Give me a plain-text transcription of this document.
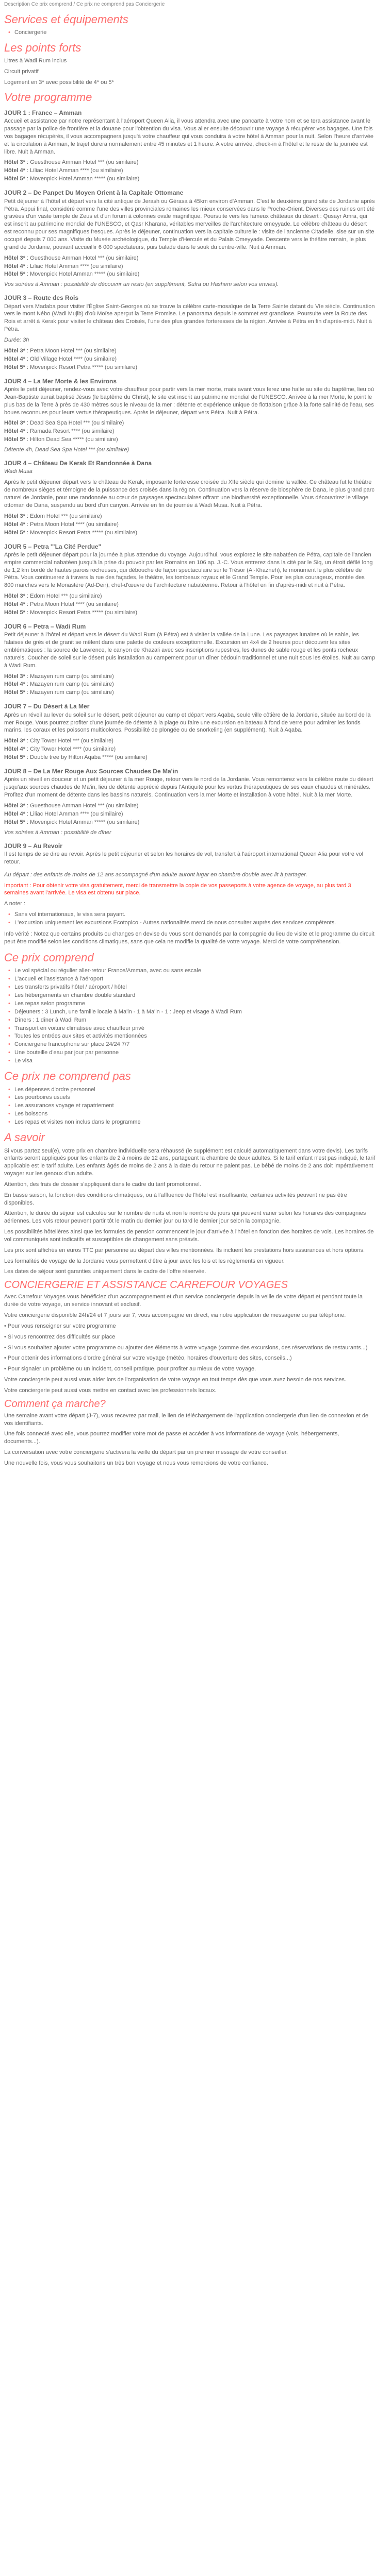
Description Ce prix comprend / Ce prix ne comprend pas Conciergerie
Services et équipements
• Conciergerie
Les points forts

Litres à Wadi Rum inclus

Circuit privatif

Logement en 3* avec possibilité de 4* ou 5*

Votre programme
JOUR 1 : France – Amman

Accueil et assistance par notre représentant à l'aéroport Queen Alia, il vous attendra avec une pancarte à votre nom et se tera assistance avant le passage par la police de frontière et la douane pour l'obtention du visa. Vous aller ensuite découvrir une voyage à récupérer vos bagages. Une fois vos bagages récupérés, il vous accompagnera jusqu'à votre chauffeur qui vous conduira à votre hôtel à Amman pour la nuit. Selon l'heure d'arrivée et la circulation à Amman, le trajet durera normalement entre 45 minutes et 1 heure. A votre arrivée, check-in à l'hôtel et le reste de la journée est libre. Nuit à Amman.

Hôtel 3* : Guesthouse Amman Hotel *** (ou similaire)

Hôtel 4* : Liliac Hotel Amman **** (ou similaire)

Hôtel 5* : Movenpick Hotel Amman ***** (ou similaire)

JOUR 2 – De Panpet Du Moyen Orient à la Capitale Ottomane

Petit déjeuner à l'hôtel et départ vers la cité antique de Jerash ou Gérasa à 45km environ d'Amman. C'est le deuxième grand site de Jordanie après Pétra. Appui final, considéré comme l'une des villes provinciales romaines les mieux conservées dans le Proche-Orient. Diverses des ruines ont été gravées d'un vaste temple de Zeus et d'un forum à colonnes ovale magnifique. Poursuite vers les fameux châteaux du désert : Qusayr Amra, qui est inscrit au patrimoine mondial de l'UNESCO, et Qasr Kharana, véritables merveilles de l'architecture omeyyade. Le célèbre château du désert est reconnu pour ses magnifiques fresques. Après le déjeuner, continuation vers la capitale culturelle : visite de l'ancienne Citadelle, sise sur un site occupé depuis 7 000 ans. Visite du Musée archéologique, du Temple d'Hercule et du Palais Omeyyade. Descente vers le théâtre romain, le plus grand de Jordanie, pouvant accueillir 6 000 spectateurs, puis balade dans le souk du centre-ville. Nuit à Amman.

Hôtel 3* : Guesthouse Amman Hotel *** (ou similaire)

Hôtel 4* : Liliac Hotel Amman **** (ou similaire)

Hôtel 5* : Movenpick Hotel Amman ***** (ou similaire)

Vos soirées à Amman : possibilité de découvrir un resto (en supplément, Sufra ou Hashem selon vos envies).

JOUR 3 – Route des Rois

Départ vers Madaba pour visiter l'Église Saint-Georges où se trouve la célèbre carte-mosaïque de la Terre Sainte datant du VIe siècle. Continuation vers le mont Nébo (Wadi Mujib) d'où Moïse aperçut la Terre Promise. Le panorama depuis le sommet est grandiose. Poursuite vers la Route des Rois et arrêt à Kerak pour visiter le château des Croisés, l'une des plus grandes forteresses de la région. Arrivée à Pétra en fin d'après-midi. Nuit à Pétra.

Durée: 3h

Hôtel 3* : Petra Moon Hotel *** (ou similaire)

Hôtel 4* : Old Village Hotel **** (ou similaire)

Hôtel 5* : Movenpick Resort Petra ***** (ou similaire)

JOUR 4 – La Mer Morte & les Environs

Après le petit déjeuner, rendez-vous avec votre chauffeur pour partir vers la mer morte, mais avant vous ferez une halte au site du baptême, lieu où Jean-Baptiste aurait baptisé Jésus (le baptême du Christ), le site est inscrit au patrimoine mondial de l'UNESCO. Arrivée à la mer Morte, le point le plus bas de la Terre à près de 430 mètres sous le niveau de la mer : détente et expérience unique de flottaison grâce à la forte salinité de l'eau, ses boues reconnues pour leurs vertus thérapeutiques. Après le déjeuner, départ vers Pétra. Nuit à Pétra.

Hôtel 3* : Dead Sea Spa Hotel *** (ou similaire)

Hôtel 4* : Ramada Resort **** (ou similaire)

Hôtel 5* : Hilton Dead Sea ***** (ou similaire)

Détente 4h, Dead Sea Spa Hotel *** (ou similaire)

JOUR 4 – Château De Kerak Et Randonnée à Dana

Wadi Musa

Après le petit déjeuner départ vers le château de Kerak, imposante forteresse croisée du XIIe siècle qui domine la vallée. Ce château fut le théâtre de nombreux sièges et témoigne de la puissance des croisés dans la région. Continuation vers la réserve de biosphère de Dana, le plus grand parc naturel de Jordanie, pour une randonnée au cœur de paysages spectaculaires offrant une biodiversité exceptionnelle. Vous découvrirez le village ottoman de Dana, suspendu au bord d'un canyon. Arrivée en fin de journée à Wadi Musa. Nuit à Pétra.

Hôtel 3* : Edom Hotel *** (ou similaire)

Hôtel 4* : Petra Moon Hotel **** (ou similaire)

Hôtel 5* : Movenpick Resort Petra ***** (ou similaire)

JOUR 5 – Petra '"La Cité Perdue"

Après le petit déjeuner départ pour la journée à plus attendue du voyage. Aujourd'hui, vous explorez le site nabatéen de Pétra, capitale de l'ancien empire commercial nabatéen jusqu'à la prise du pouvoir par les Romains en 106 ap. J.-C. Vous entrerez dans la cité par le Siq, un étroit défilé long de 1,2 km bordé de hautes parois rocheuses, qui débouche de façon spectaculaire sur le Trésor (Al-Khazneh), le monument le plus célèbre de Pétra. Vous continuerez à travers la rue des façades, le théâtre, les tombeaux royaux et le Grand Temple. Pour les plus courageux, montée des 800 marches vers le Monastère (Ad-Deir), chef-d'œuvre de l'architecture nabatéenne. Retour à l'hôtel en fin d'après-midi et nuit à Pétra.

Hôtel 3* : Edom Hotel *** (ou similaire)

Hôtel 4* : Petra Moon Hotel **** (ou similaire)

Hôtel 5* : Movenpick Resort Petra ***** (ou similaire)

JOUR 6 – Petra – Wadi Rum

Petit déjeuner à l'hôtel et départ vers le désert du Wadi Rum (à Pétra) est à visiter la vallée de la Lune. Les paysages lunaires où le sable, les falaises de grès et de granit se mêlent dans une palette de couleurs exceptionnelle. Excursion en 4x4 de 2 heures pour découvrir les sites emblématiques : la source de Lawrence, le canyon de Khazali avec ses inscriptions rupestres, les dunes de sable rouge et les ponts rocheux naturels. Coucher de soleil sur le désert puis installation au campement pour un dîner bédouin traditionnel et une nuit sous les étoiles. Nuit au camp à Wadi Rum.

Hôtel 3* : Mazayen rum camp (ou similaire)

Hôtel 4* : Mazayen rum camp (ou similaire)

Hôtel 5* : Mazayen rum camp (ou similaire)

JOUR 7 – Du Désert à La Mer

Après un réveil au lever du soleil sur le désert, petit déjeuner au camp et départ vers Aqaba, seule ville côtière de la Jordanie, située au bord de la mer Rouge. Vous pourrez profiter d'une journée de détente à la plage ou faire une excursion en bateau à fond de verre pour admirer les fonds marins, les coraux et les poissons multicolores. Possibilité de plongée ou de snorkeling (en supplément). Nuit à Aqaba.

Hôtel 3* : City Tower Hotel *** (ou similaire)

Hôtel 4* : City Tower Hotel **** (ou similaire)

Hôtel 5* : Double tree by Hilton Aqaba ***** (ou similaire)

JOUR 8 – De La Mer Rouge Aux Sources Chaudes De Ma'in

Après un réveil en douceur et un petit déjeuner à la mer Rouge, retour vers le nord de la Jordanie. Vous remonterez vers la célèbre route du désert jusqu'aux sources chaudes de Ma'in, lieu de détente apprécié depuis l'Antiquité pour les vertus thérapeutiques de ses eaux chaudes et minérales. Profitez d'un moment de détente dans les bassins naturels. Continuation vers la mer Morte et installation à votre hôtel. Nuit à la mer Morte.

Hôtel 3* : Guesthouse Amman Hotel *** (ou similaire)

Hôtel 4* : Liliac Hotel Amman **** (ou similaire)

Hôtel 5* : Movenpick Hotel Amman ***** (ou similaire)

Vos soirées à Amman : possibilité de dîner

JOUR 9 – Au Revoir

Il est temps de se dire au revoir. Après le petit déjeuner et selon les horaires de vol, transfert à l'aéroport international Queen Alia pour votre vol retour.

Au départ : des enfants de moins de 12 ans accompagné d'un adulte auront lugar en chambre double avec lit à partager.

Important : Pour obtenir votre visa gratuitement, merci de transmettre la copie de vos passeports à votre agence de voyage, au plus tard 3 semaines avant l'arrivée. Le visa est obtenu sur place.

A noter :

• Sans vol internationaux, le visa sera payant.
• L'excursion uniquement les excursions Ecotopico - Autres nationalités merci de nous consulter auprès des services compétents.

Info vérité : Notez que certains produits ou changes en devise du vous sont demandés par la compagnie du lieu de visite et le programme du circuit peut être modifié selon les conditions climatiques, sans que cela ne modifie la qualité de votre voyage. Merci de votre compréhension.

Ce prix comprend
• Le vol spécial ou régulier aller-retour France/Amman, avec ou sans escale
• L'accueil et l'assistance à l'aéroport
• Les transferts privatifs hôtel / aéroport / hôtel
• Les hébergements en chambre double standard
• Les repas selon programme
• Déjeuners : 3 Lunch, une famille locale à Ma'in - 1 à Ma'in - 1 : Jeep et visage à Wadi Rum
• Dîners : 1 dîner à Wadi Rum
• Transport en voiture climatisée avec chauffeur privé
• Toutes les entrées aux sites et activités mentionnées
• Conciergerie francophone sur place 24/24 7/7
• Une bouteille d'eau par jour par personne
• Le visa
Ce prix ne comprend pas
• Les dépenses d'ordre personnel
• Les pourboires usuels
• Les assurances voyage et rapatriement
• Les boissons
• Les repas et visites non inclus dans le programme
A savoir

Si vous partez seul(e), votre prix en chambre individuelle sera réhaussé (le supplément est calculé automatiquement dans votre devis). Les tarifs enfants seront appliqués pour les enfants de 2 à moins de 12 ans, partageant la chambre de deux adultes. Si le tarif enfant n'est pas indiqué, le tarif applicable est le tarif adulte. Les enfants âgés de moins de 2 ans à la date du retour ne paient pas. Le bébé de moins de 2 ans doit impérativement voyager sur les genoux d'un adulte.

Attention, des frais de dossier s'appliquent dans le cadre du tarif promotionnel.

En basse saison, la fonction des conditions climatiques, ou à l'affluence de l'hôtel est insuffisante, certaines activités peuvent ne pas être disponibles.

Attention, le durée du séjour est calculée sur le nombre de nuits et non le nombre de jours qui peuvent varier selon les horaires des compagnies aériennes. Les vols retour peuvent partir tôt le matin du dernier jour ou tard le dernier jour selon la compagnie.

Les possibilités hôtelières ainsi que les formules de pension commencent le jour d'arrivée à l'hôtel en fonction des horaires de vols. Les horaires de vol communiqués sont indicatifs et susceptibles de changement sans préavis.

Les prix sont affichés en euros TTC par personne au départ des villes mentionnées. Ils incluent les prestations hors assurances et hors options.

Les formalités de voyage de la Jordanie vous permettent d'être à jour avec les lois et les règlements en vigueur.

Les dates de séjour sont garanties uniquement dans le cadre de l'offre réservée.

CONCIERGERIE ET ASSISTANCE CARREFOUR VOYAGES

Avec Carrefour Voyages vous bénéficiez d'un accompagnement et d'un service conciergerie depuis la veille de votre départ et pendant toute la durée de votre voyage, un service innovant et exclusif.

Votre conciergerie disponible 24h/24 et 7 jours sur 7, vous accompagne en direct, via notre application de messagerie ou par téléphone.

• Pour vous renseigner sur votre programme

• Si vous rencontrez des difficultés sur place

• Si vous souhaitez ajouter votre programme ou ajouter des éléments à votre voyage (comme des excursions, des réservations de restaurants...)

• Pour obtenir des informations d'ordre général sur votre voyage (météo, horaires d'ouverture des sites, conseils...)

• Pour signaler un problème ou un incident, conseil pratique, pour profiter au mieux de votre voyage.

Votre conciergerie peut aussi vous aider lors de l'organisation de votre voyage en tout temps dès que vous avez besoin de nos services.

Votre conciergerie peut aussi vous mettre en contact avec les professionnels locaux.

Comment ça marche?

Une semaine avant votre départ (J-7), vous recevrez par mail, le lien de téléchargement de l'application conciergerie d'un lien de connexion et de vos identifiants.

Une fois connecté avec elle, vous pourrez modifier votre mot de passe et accéder à vos informations de voyage (vols, hébergements, documents...).

La conversation avec votre conciergerie s'activera la veille du départ par un premier message de votre conseiller.

Une nouvelle fois, vous vous souhaitons un très bon voyage et nous vous remercions de votre confiance.
